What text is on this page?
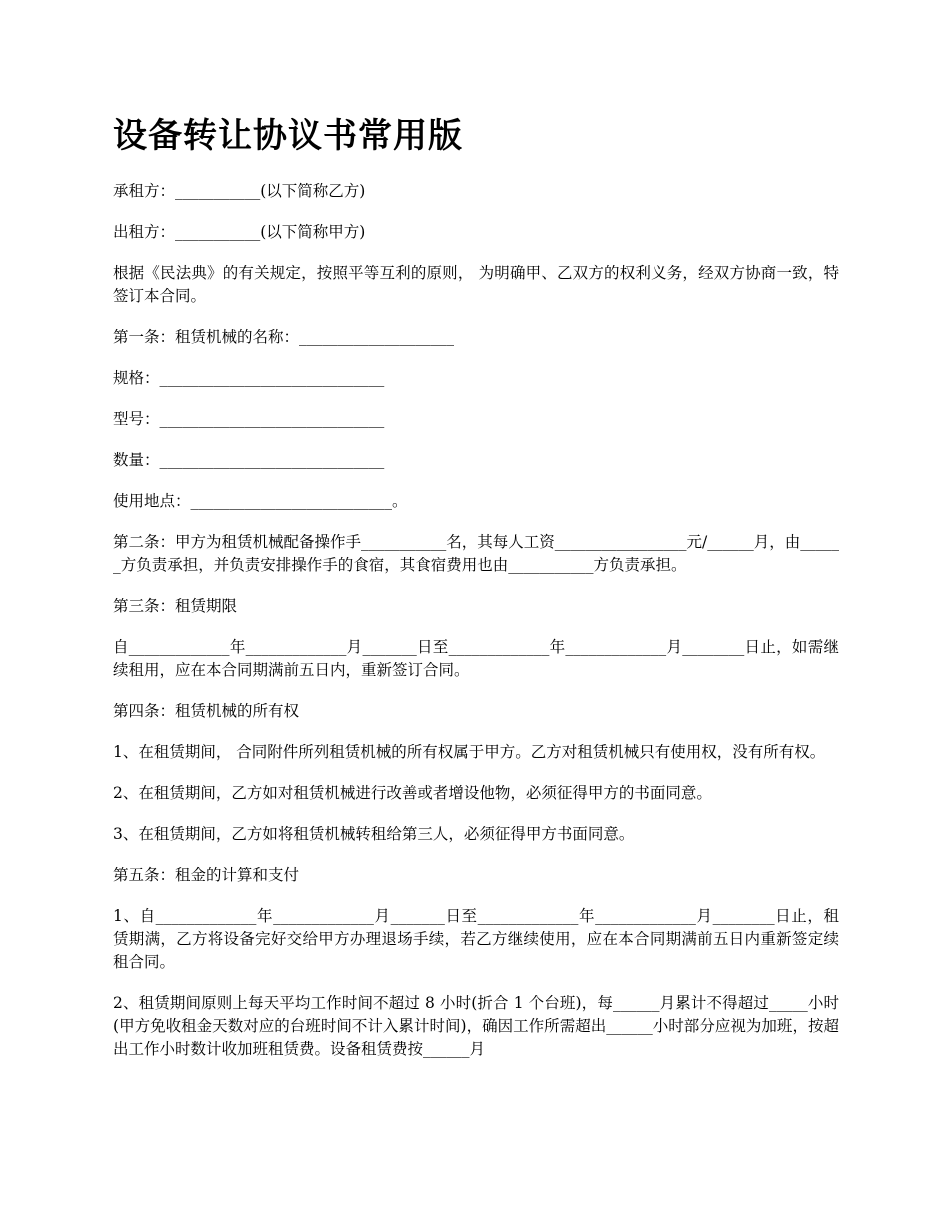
设备转让协议书常用版

承租方：___________(以下简称乙方)

出租方：___________(以下简称甲方)

根据《民法典》的有关规定，按照平等互利的原则， 为明确甲、乙双方的权利义务，经双方协商一致，特签订本合同。

第一条：租赁机械的名称：____________________

规格：_____________________________

型号：_____________________________

数量：_____________________________

使用地点：__________________________。

第二条：甲方为租赁机械配备操作手___________名，其每人工资_________________元/______月，由______方负责承担，并负责安排操作手的食宿，其食宿费用也由___________方负责承担。

第三条：租赁期限

自_____________年_____________月_______日至_____________年_____________月________日止，如需继续租用，应在本合同期满前五日内，重新签订合同。

第四条：租赁机械的所有权

1、在租赁期间， 合同附件所列租赁机械的所有权属于甲方。乙方对租赁机械只有使用权，没有所有权。

2、在租赁期间，乙方如对租赁机械进行改善或者增设他物，必须征得甲方的书面同意。

3、在租赁期间，乙方如将租赁机械转租给第三人，必须征得甲方书面同意。

第五条：租金的计算和支付

1、自_____________年_____________月_______日至_____________年_____________月________日止，租赁期满，乙方将设备完好交给甲方办理退场手续，若乙方继续使用，应在本合同期满前五日内重新签定续租合同。

2、租赁期间原则上每天平均工作时间不超过 8 小时(折合 1 个台班)，每______月累计不得超过_____小时(甲方免收租金天数对应的台班时间不计入累计时间)，确因工作所需超出______小时部分应视为加班，按超出工作小时数计收加班租赁费。设备租赁费按______月
